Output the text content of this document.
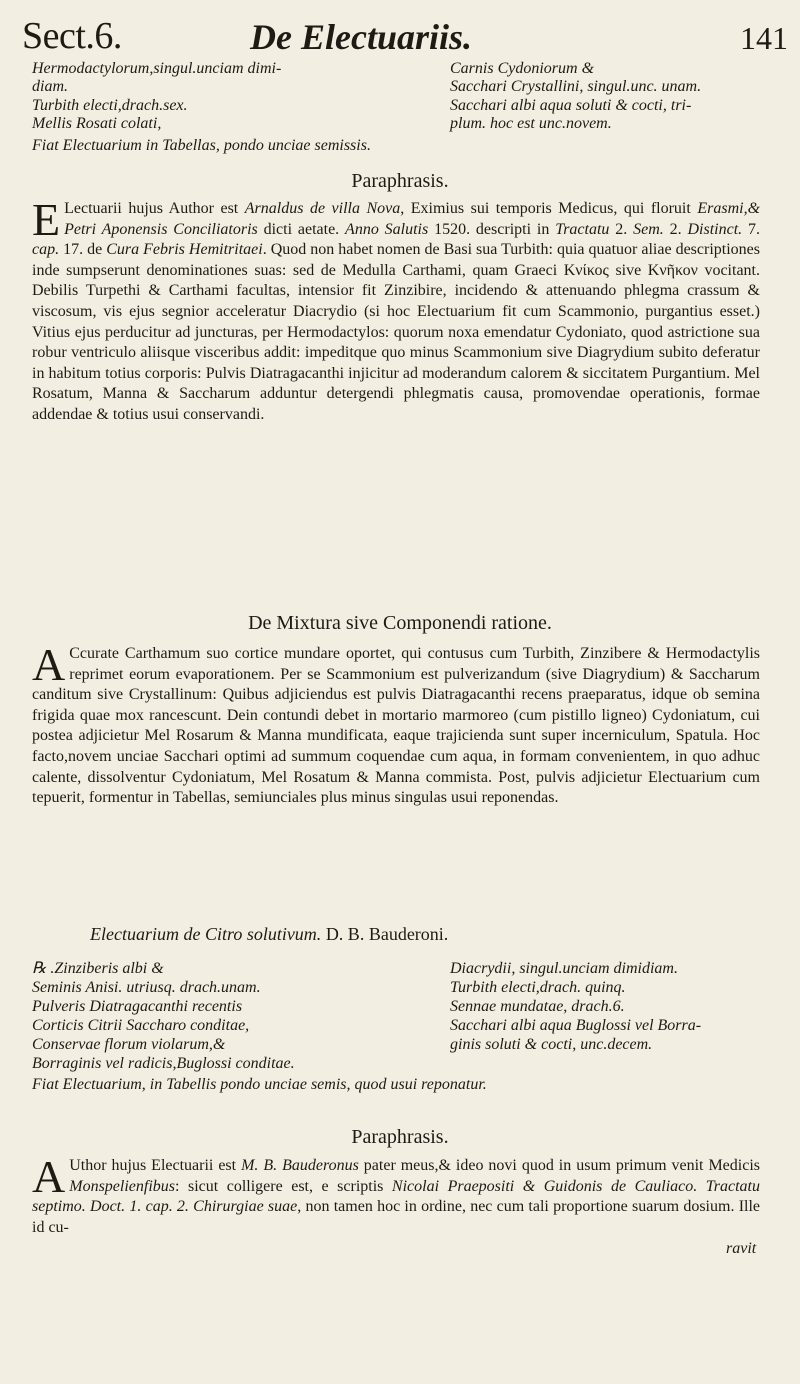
Sect.6.	De Electuariis.	141
Hermodactylorum,singul.unciam dimi-
diam.
Turbith electi,drach.sex.
Mellis Rosati colati,
Carnis Cydoniorum &
Sacchari Crystallini, singul.unc. unam.
Sacchari albi aqua soluti & cocti, tri-
plum. hoc est unc.novem.
Fiat Electuarium in Tabellas, pondo unciae semissis.
Paraphrasis.
E Lectuarii hujus Author est Arnaldus de villa Nova, Eximius sui temporis Medicus, qui floruit Erasmi,& Petri Aponensis Conciliatoris dicti aetate. Anno Salutis 1520. descripti in Tractatu 2. Sem. 2. Distinct. 7. cap. 17. de Cura Febris Hemitritaei. Quod non habet nomen de Basi sua Turbith: quia quatuor aliae descriptiones inde sumpserunt denominationes suas: sed de Medulla Carthami, quam Graeci Κνίκος sive Κνῆκον vocitant. Debilis Turpethi & Carthami facultas, intensior fit Zinzibire, incidendo & attenuando phlegma crassum & viscosum, vis ejus segnior acceleratur Diacrydio (si hoc Electuarium fit cum Scammonio, purgantius esset.) Vitius ejus perducitur ad juncturas, per Hermodactylos: quorum noxa emendatur Cydoniato, quod astrictione sua robur ventriculo aliisque visceribus addit: impeditque quo minus Scammonium sive Diagrydium subito deferatur in habitum totius corporis: Pulvis Diatragacanthi injicitur ad moderandum calorem & siccitatem Purgantium. Mel Rosatum, Manna & Saccharum adduntur detergendi phlegmatis causa, promovendae operationis, formae addendae & totius usui conservandi.
De Mixtura sive Componendi ratione.
A Ccurate Carthamum suo cortice mundare oportet, qui contusus cum Turbith, Zinzibere & Hermodactylis reprimet eorum evaporationem. Per se Scammonium est pulverizandum (sive Diagrydium) & Saccharum canditum sive Crystallinum: Quibus adjiciendus est pulvis Diatragacanthi recens praeparatus, idque ob semina frigida quae mox rancescunt. Dein contundi debet in mortario marmoreo (cum pistillo ligneo) Cydoniatum, cui postea adjicietur Mel Rosarum & Manna mundificata, eaque trajicienda sunt super incerniculum, Spatula. Hoc facto,novem unciae Sacchari optimi ad summum coquendae cum aqua, in formam convenientem, in quo adhuc calente, dissolventur Cydoniatum, Mel Rosatum & Manna commista. Post, pulvis adjicietur Electuarium cum tepuerit, formentur in Tabellas, semiunciales plus minus singulas usui reponendas.
Electuarium de Citro solutivum. D. B. Bauderoni.
℞ .Zinziberis albi &
Seminis Anisi. utriusq. drach.unam.
Pulveris Diatragacanthi recentis
Corticis Citrii Saccharo conditae,
Conservae florum violarum,&
Borraginis vel radicis,Buglossi conditae.
Diacrydii, singul.unciam dimidiam.
Turbith electi,drach. quinq.
Sennae mundatae, drach.6.
Sacchari albi aqua Buglossi vel Borra-
ginis soluti & cocti, unc.decem.
Fiat Electuarium, in Tabellis pondo unciae semis, quod usui reponatur.
Paraphrasis.
A Uthor hujus Electuarii est M. B. Bauderonus pater meus,& ideo novi quod in usum primum venit Medicis Monspelienfibus: sicut colligere est, e scriptis Nicolai Praepositi & Guidonis de Cauliaco. Tractatu septimo. Doct. 1. cap. 2. Chirurgiae suae, non tamen hoc in ordine, nec cum tali proportione suarum dosium. Ille id cu-
ravit
